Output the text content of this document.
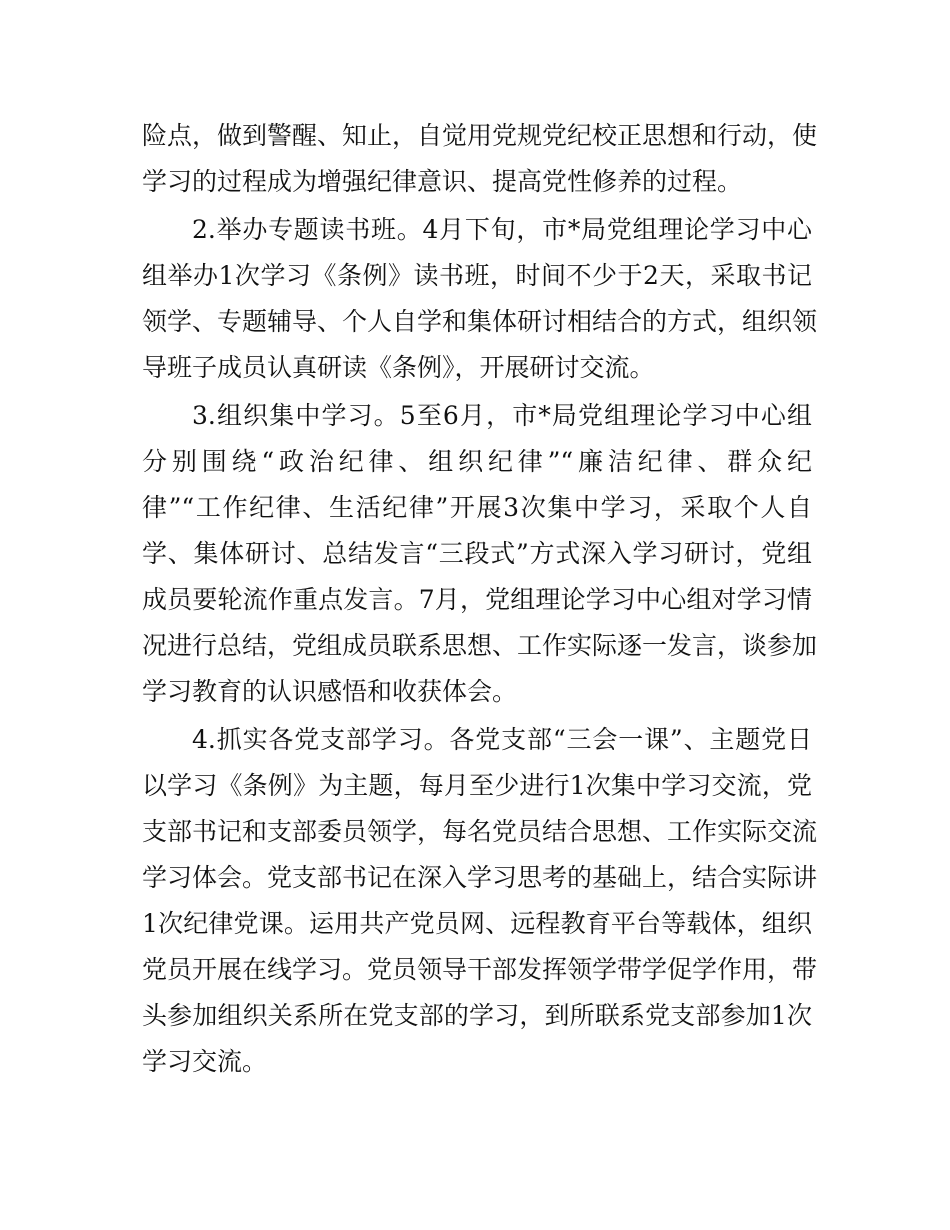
险点，做到警醒、知止，自觉用党规党纪校正思想和行动，使
学习的过程成为增强纪律意识、提高党性修养的过程。
2.举办专题读书班。4月下旬，市*局党组理论学习中心
组举办1次学习《条例》读书班，时间不少于2天，采取书记
领学、专题辅导、个人自学和集体研讨相结合的方式，组织领
导班子成员认真研读《条例》，开展研讨交流。
3.组织集中学习。5至6月，市*局党组理论学习中心组
分别围绕“政治纪律、组织纪律”“廉洁纪律、群众纪
律”“工作纪律、生活纪律”开展3次集中学习，采取个人自
学、集体研讨、总结发言“三段式”方式深入学习研讨，党组
成员要轮流作重点发言。7月，党组理论学习中心组对学习情
况进行总结，党组成员联系思想、工作实际逐一发言，谈参加
学习教育的认识感悟和收获体会。
4.抓实各党支部学习。各党支部“三会一课”、主题党日
以学习《条例》为主题，每月至少进行1次集中学习交流，党
支部书记和支部委员领学，每名党员结合思想、工作实际交流
学习体会。党支部书记在深入学习思考的基础上，结合实际讲
1次纪律党课。运用共产党员网、远程教育平台等载体，组织
党员开展在线学习。党员领导干部发挥领学带学促学作用，带
头参加组织关系所在党支部的学习，到所联系党支部参加1次
学习交流。
